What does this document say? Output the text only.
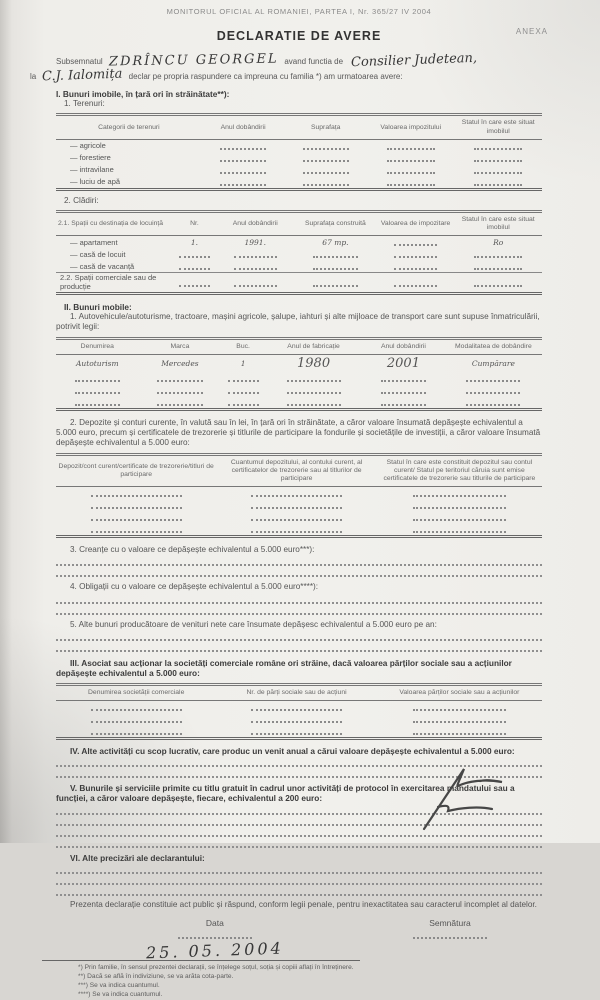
MONITORUL OFICIAL AL ROMANIEI, PARTEA I, Nr. 365/27 IV 2004
DECLARATIE DE AVERE	ANEXA
Subsemnatul ZDRÎNCU GEORGEL avand functia de Consilier Judetean,
la C.J. Ialomița declar pe propria raspundere ca impreuna cu familia *) am urmatoarea avere:
I. Bunuri imobile, în țară ori în străinătate**):
1. Terenuri:
Categorii de terenuri	Anul dobândirii	Suprafața	Valoarea impozitului	Statul în care este situat imobilul
— agricole	

— forestiere	

— intravilane	

— luciu de apă	

2. Clădiri:
2.1. Spații cu destinația de locuință	Nr.	Anul dobândirii	Suprafața construită	Valoarea de impozitare	Statul în care este situat imobilul
— apartament	1.	1991.	67 mp.		Ro
— casă de locuit	

— casă de vacanță	

2.2. Spații comerciale sau de producție	

II. Bunuri mobile:
1. Autovehicule/autoturisme, tractoare, mașini agricole, șalupe, iahturi și alte mijloace de transport care sunt supuse înmatriculării, potrivit legii:
Denumirea	Marca	Buc.	Anul de fabricație	Anul dobândirii	Modalitatea de dobândire
Autoturism	Mercedes	1	1980	2001	Cumpărare

2. Depozite și conturi curente, în valută sau în lei, în țară ori în străinătate, a căror valoare însumată depășește echivalentul a 5.000 euro, precum și certificatele de trezorerie și titlurile de participare la fondurile și societățile de investiții, a căror valoare însumată depășește echivalentul a 5.000 euro:
Depozit/cont curent/certificate de trezorerie/titluri de participare	Cuantumul depozitului, al contului curent, al certificatelor de trezorerie sau al titlurilor de participare	Statul în care este constituit depozitul sau contul curent/ Statul pe teritoriul căruia sunt emise certificatele de trezorerie sau titlurile de participare

3. Creanțe cu o valoare ce depășește echivalentul a 5.000 euro***):
4. Obligații cu o valoare ce depășește echivalentul a 5.000 euro****):
5. Alte bunuri producătoare de venituri nete care însumate depășesc echivalentul a 5.000 euro pe an:
III. Asociat sau acționar la societăți comerciale române ori străine, dacă valoarea părților sociale sau a acțiunilor depășește echivalentul a 5.000 euro:
Denumirea societății comerciale	Nr. de părți sociale sau de acțiuni	Valoarea părților sociale sau a acțiunilor

IV. Alte activități cu scop lucrativ, care produc un venit anual a cărui valoare depășește echivalentul a 5.000 euro:
V. Bunurile și serviciile primite cu titlu gratuit în cadrul unor activități de protocol în exercitarea mandatului sau a funcției, a căror valoare depășește, fiecare, echivalentul a 200 euro:
VI. Alte precizări ale declarantului:
Prezenta declarație constituie act public și răspund, conform legii penale, pentru inexactitatea sau caracterul incomplet al datelor.
Data
25. 05. 2004
Semnătura
*) Prin familie, în sensul prezentei declarații, se înțelege soțul, soția și copiii aflați în întreținere.
**) Dacă se află în indiviziune, se va arăta cota-parte.
***) Se va indica cuantumul.
****) Se va indica cuantumul.
